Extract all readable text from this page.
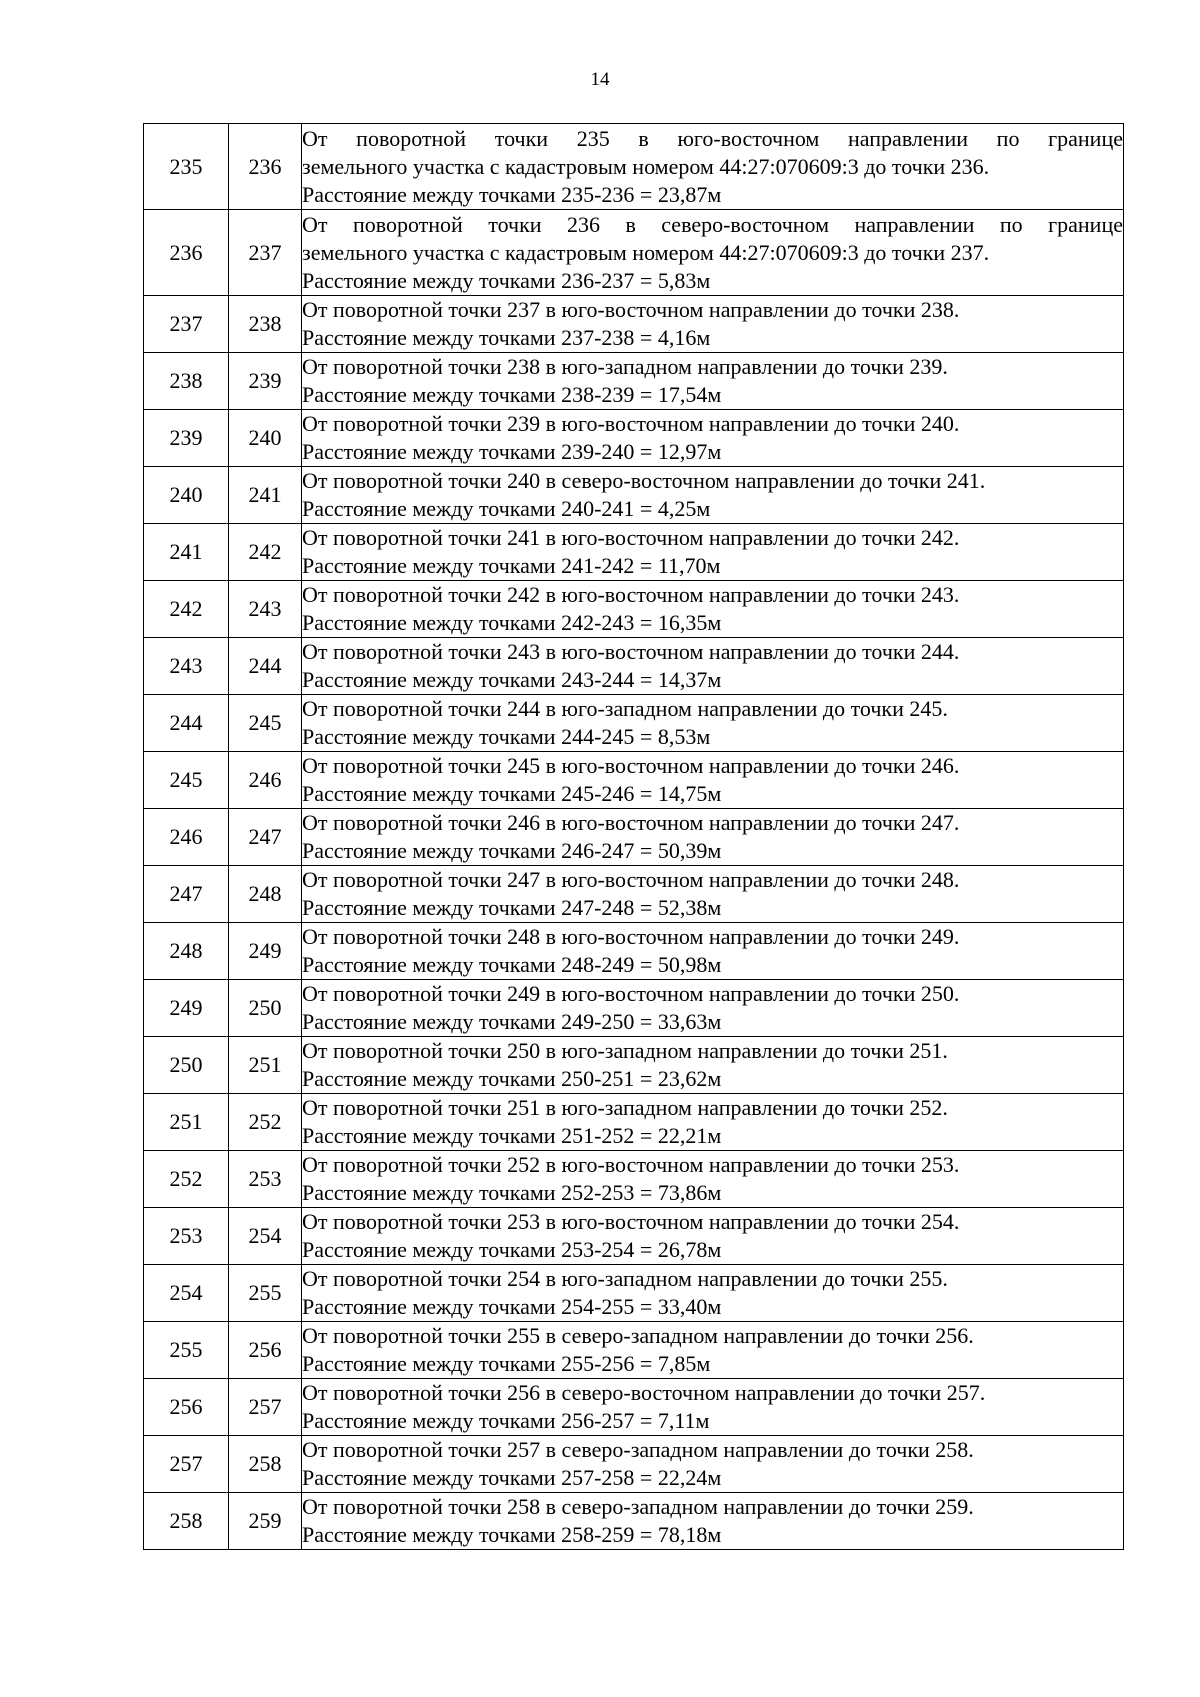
14
235	236	От поворотной точки 235 в юго-восточном направлении по границе
земельного участка с кадастровым номером 44:27:070609:3 до точки 236.
Расстояние между точками 235-236 = 23,87м

236	237	От поворотной точки 236 в северо-восточном направлении по границе
земельного участка с кадастровым номером 44:27:070609:3 до точки 237.
Расстояние между точками 236-237 = 5,83м

237	238	От поворотной точки 237 в юго-восточном направлении до точки 238.
Расстояние между точками 237-238 = 4,16м

238	239	От поворотной точки 238 в юго-западном направлении до точки 239.
Расстояние между точками 238-239 = 17,54м

239	240	От поворотной точки 239 в юго-восточном направлении до точки 240.
Расстояние между точками 239-240 = 12,97м

240	241	От поворотной точки 240 в северо-восточном направлении до точки 241.
Расстояние между точками 240-241 = 4,25м

241	242	От поворотной точки 241 в юго-восточном направлении до точки 242.
Расстояние между точками 241-242 = 11,70м

242	243	От поворотной точки 242 в юго-восточном направлении до точки 243.
Расстояние между точками 242-243 = 16,35м

243	244	От поворотной точки 243 в юго-восточном направлении до точки 244.
Расстояние между точками 243-244 = 14,37м

244	245	От поворотной точки 244 в юго-западном направлении до точки 245.
Расстояние между точками 244-245 = 8,53м

245	246	От поворотной точки 245 в юго-восточном направлении до точки 246.
Расстояние между точками 245-246 = 14,75м

246	247	От поворотной точки 246 в юго-восточном направлении до точки 247.
Расстояние между точками 246-247 = 50,39м

247	248	От поворотной точки 247 в юго-восточном направлении до точки 248.
Расстояние между точками 247-248 = 52,38м

248	249	От поворотной точки 248 в юго-восточном направлении до точки 249.
Расстояние между точками 248-249 = 50,98м

249	250	От поворотной точки 249 в юго-восточном направлении до точки 250.
Расстояние между точками 249-250 = 33,63м

250	251	От поворотной точки 250 в юго-западном направлении до точки 251.
Расстояние между точками 250-251 = 23,62м

251	252	От поворотной точки 251 в юго-западном направлении до точки 252.
Расстояние между точками 251-252 = 22,21м

252	253	От поворотной точки 252 в юго-восточном направлении до точки 253.
Расстояние между точками 252-253 = 73,86м

253	254	От поворотной точки 253 в юго-восточном направлении до точки 254.
Расстояние между точками 253-254 = 26,78м

254	255	От поворотной точки 254 в юго-западном направлении до точки 255.
Расстояние между точками 254-255 = 33,40м

255	256	От поворотной точки 255 в северо-западном направлении до точки 256.
Расстояние между точками 255-256 = 7,85м

256	257	От поворотной точки 256 в северо-восточном направлении до точки 257.
Расстояние между точками 256-257 = 7,11м

257	258	От поворотной точки 257 в северо-западном направлении до точки 258.
Расстояние между точками 257-258 = 22,24м

258	259	От поворотной точки 258 в северо-западном направлении до точки 259.
Расстояние между точками 258-259 = 78,18м
